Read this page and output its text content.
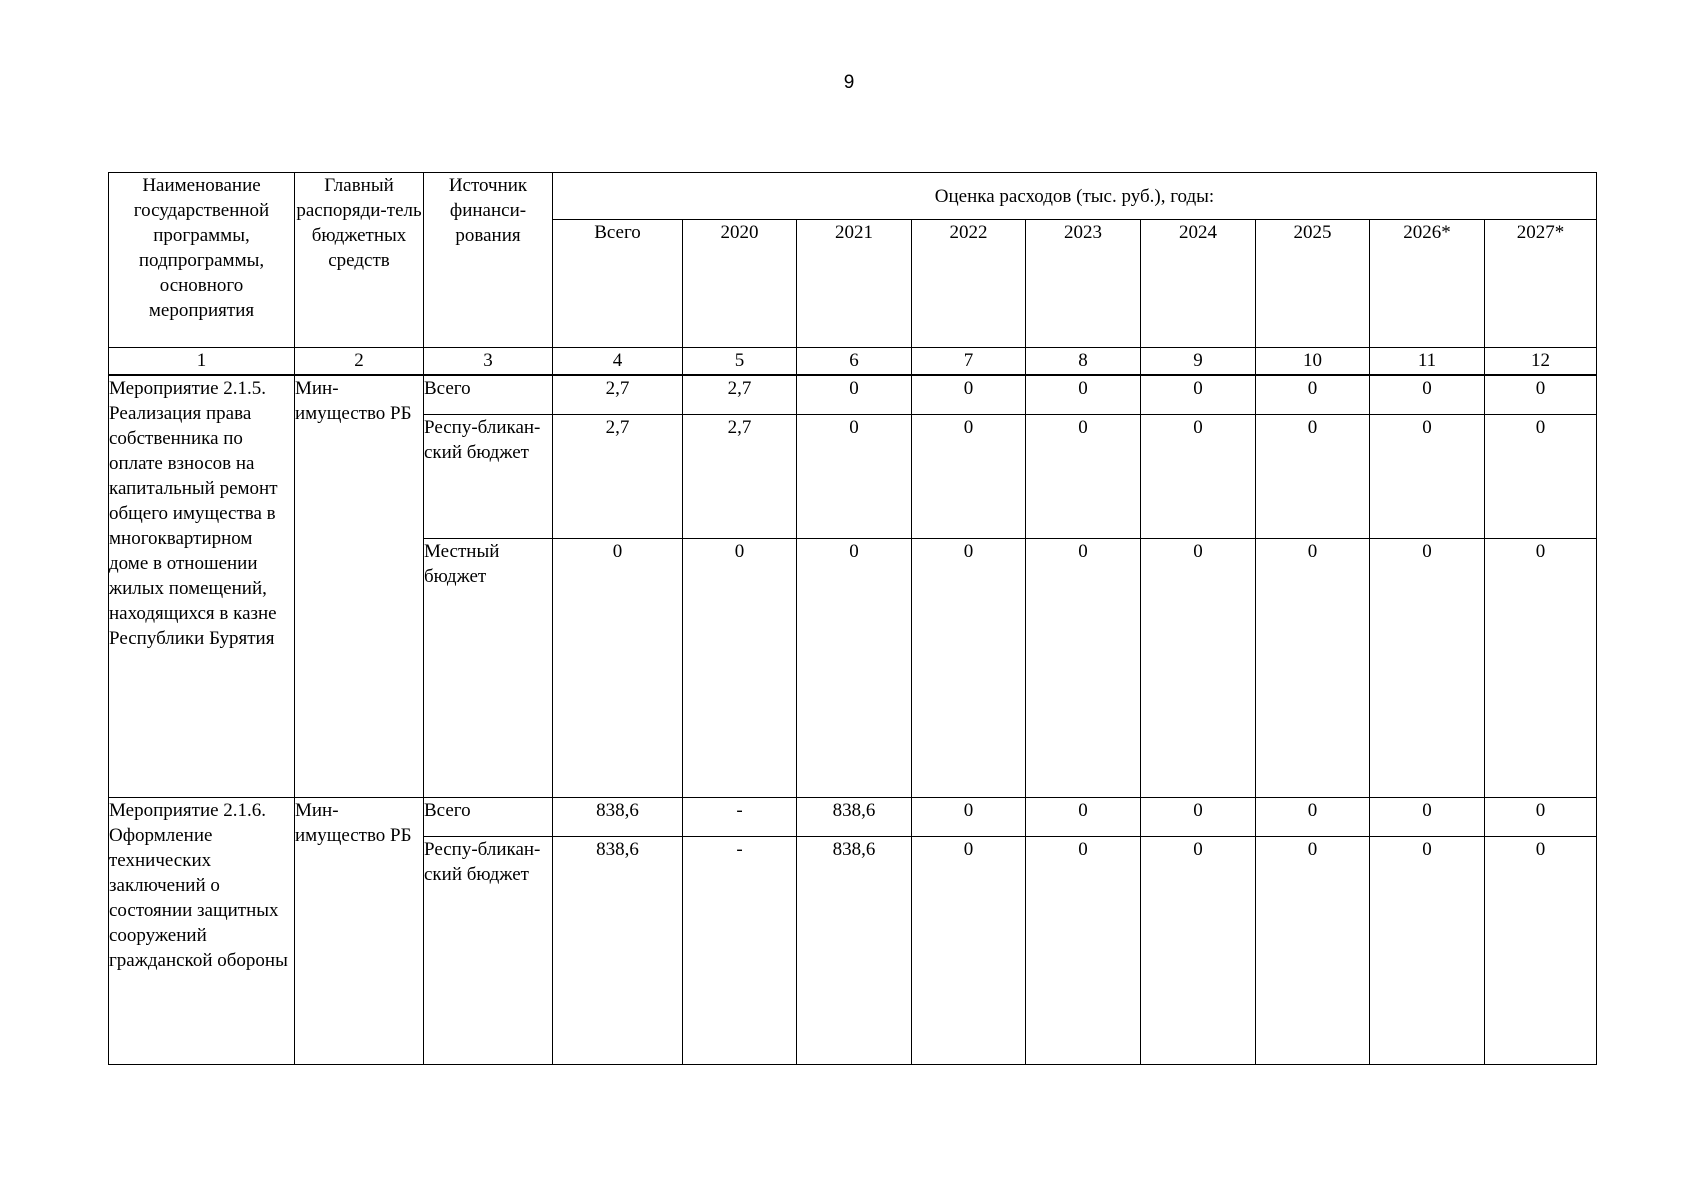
9
Наименование государственной программы, подпрограммы, основного мероприятия	Главный распоряди-тель бюджетных средств	Источник финанси-рования	Оценка расходов (тыс. руб.), годы:								
			Всего	2020	2021	2022	2023	2024	2025	2026*	2027*
1	2	3	4	5	6	7	8	9	10	11	12
Мероприятие 2.1.5. Реализация права собственника по оплате взносов на капитальный ремонт общего имущества в многоквартирном доме в отношении жилых помещений, находящихся в казне Республики Бурятия	Мин-имущество РБ	Всего	2,7	2,7	0	0	0	0	0	0	0
		Респу-бликан-ский бюджет	2,7	2,7	0	0	0	0	0	0	0
		Местный бюджет	0	0	0	0	0	0	0	0	0
Мероприятие 2.1.6. Оформление технических заключений о состоянии защитных сооружений гражданской обороны	Мин-имущество РБ	Всего	838,6	-	838,6	0	0	0	0	0	0
		Респу-бликан-ский бюджет	838,6	-	838,6	0	0	0	0	0	0
